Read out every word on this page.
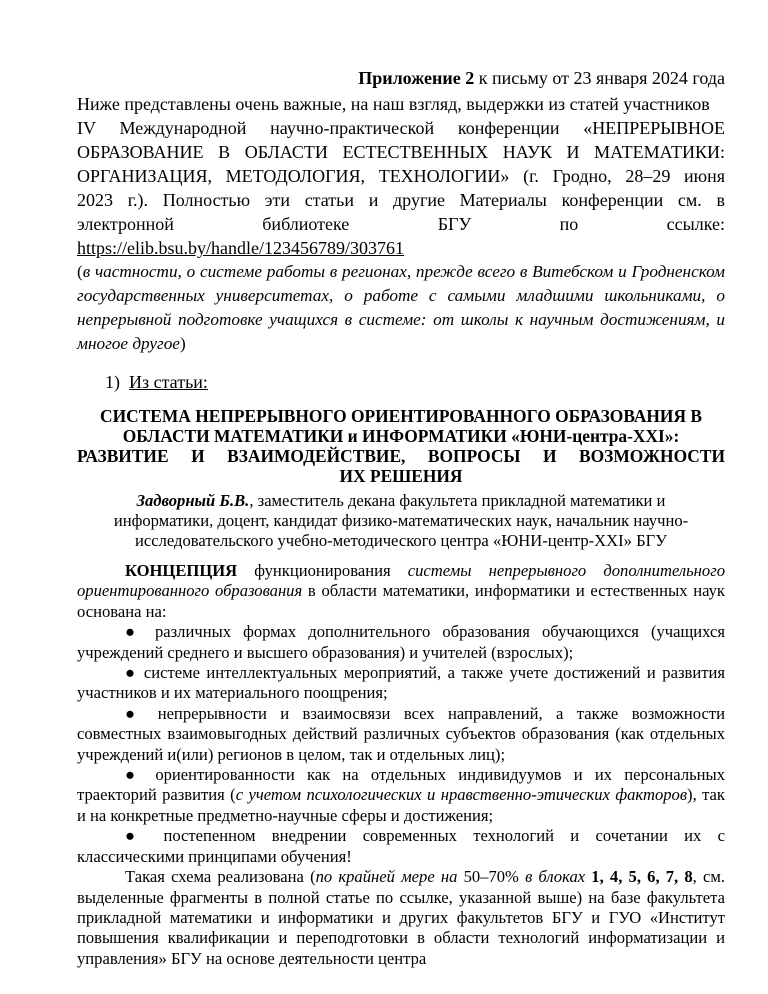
Приложение 2 к письму от 23 января 2024 года

Ниже представлены очень важные, на наш взгляд, выдержки из статей участников

IV Международной научно-практической конференции «НЕПРЕРЫВНОЕ

ОБРАЗОВАНИЕ В ОБЛАСТИ ЕСТЕСТВЕННЫХ НАУК И МАТЕМАТИКИ:

ОРГАНИЗАЦИЯ, МЕТОДОЛОГИЯ, ТЕХНОЛОГИИ» (г. Гродно, 28–29 июня

2023 г.). Полностью эти статьи и другие Материалы конференции см. в

электронной библиотеке БГУ по ссылке:

https://elib.bsu.by/handle/123456789/303761

(в частности, о системе работы в регионах, прежде всего в Витебском и Гродненском государственных университетах, о работе с самыми младшими школьниками, о непрерывной подготовке учащихся в системе: от школы к научным достижениям, и многое другое)

1) Из статьи:

СИСТЕМА НЕПРЕРЫВНОГО ОРИЕНТИРОВАННОГО ОБРАЗОВАНИЯ В

ОБЛАСТИ МАТЕМАТИКИ и ИНФОРМАТИКИ «ЮНИ-центра-XXI»:

РАЗВИТИЕ И ВЗАИМОДЕЙСТВИЕ, ВОПРОСЫ И ВОЗМОЖНОСТИ

ИХ РЕШЕНИЯ

Задворный Б.В., заместитель декана факультета прикладной математики и информатики, доцент, кандидат физико-математических наук, начальник научно-исследовательского учебно-методического центра «ЮНИ-центр-XXI» БГУ

КОНЦЕПЦИЯ функционирования системы непрерывного дополнительного ориентированного образования в области математики, информатики и естественных наук основана на:

● различных формах дополнительного образования обучающихся (учащихся учреждений среднего и высшего образования) и учителей (взрослых);

● системе интеллектуальных мероприятий, а также учете достижений и развития участников и их материального поощрения;

● непрерывности и взаимосвязи всех направлений, а также возможности совместных взаимовыгодных действий различных субъектов образования (как отдельных учреждений и(или) регионов в целом, так и отдельных лиц);

● ориентированности как на отдельных индивидуумов и их персональных траекторий развития (с учетом психологических и нравственно-этических факторов), так и на конкретные предметно-научные сферы и достижения;

● постепенном внедрении современных технологий и сочетании их с классическими принципами обучения!

Такая схема реализована (по крайней мере на 50–70% в блоках 1, 4, 5, 6, 7, 8, см. выделенные фрагменты в полной статье по ссылке, указанной выше) на базе факультета прикладной математики и информатики и других факультетов БГУ и ГУО «Институт повышения квалификации и переподготовки в области технологий информатизации и управления» БГУ на основе деятельности центра
